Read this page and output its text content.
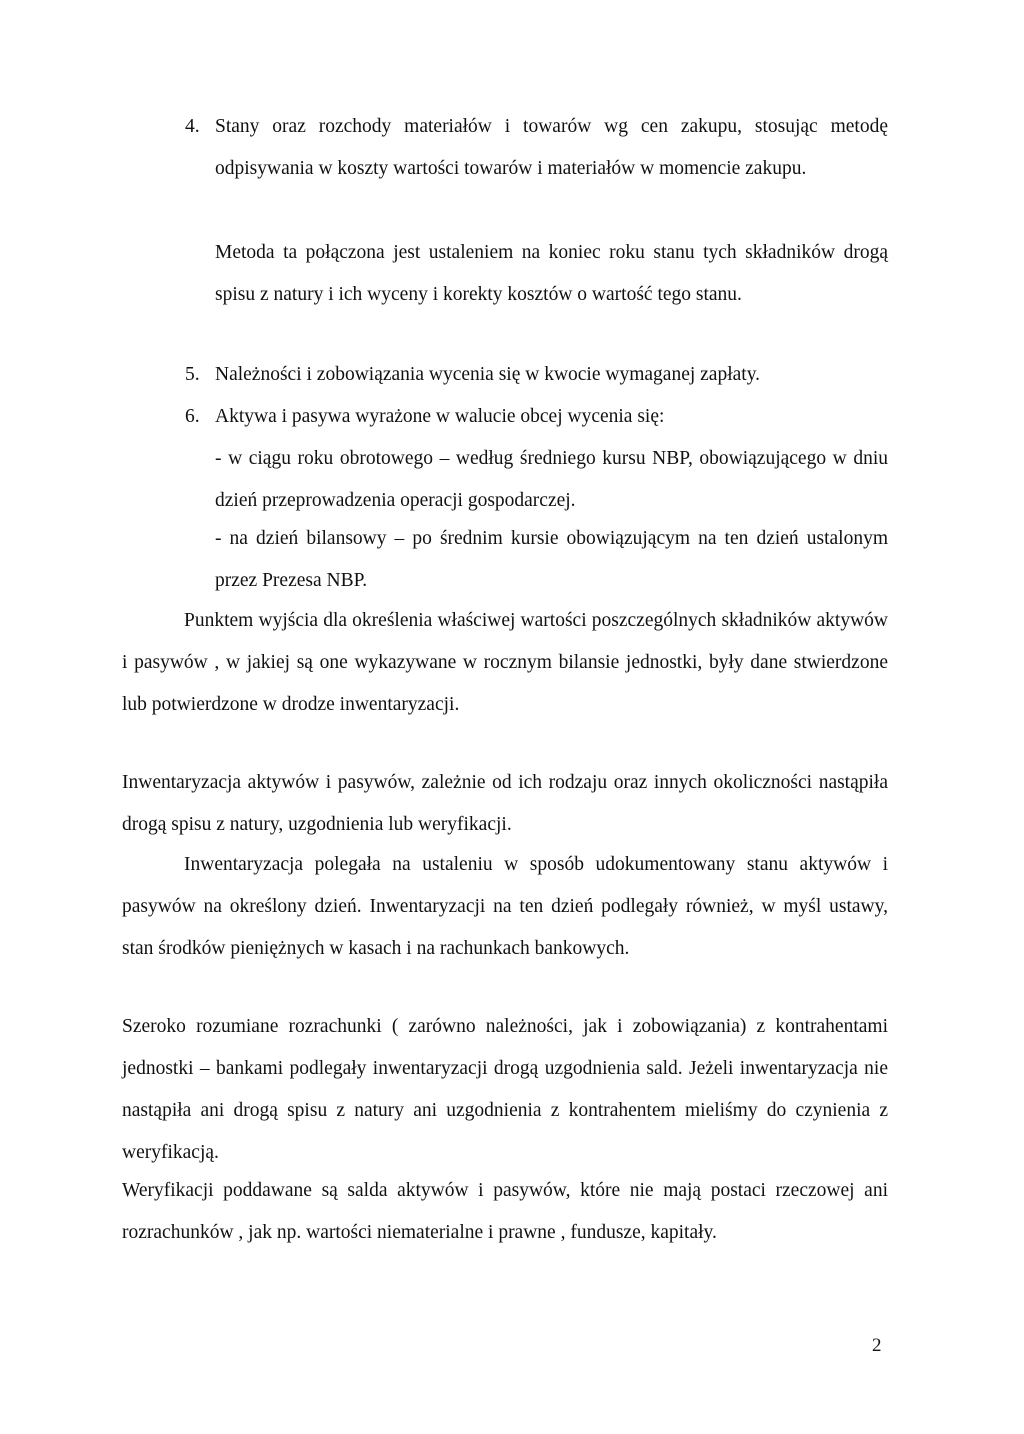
4. Stany oraz rozchody materiałów i towarów wg cen zakupu, stosując metodę odpisywania w koszty wartości towarów i materiałów w momencie zakupu.

Metoda ta połączona jest ustaleniem na koniec roku stanu tych składników drogą spisu z natury i ich wyceny i korekty kosztów o wartość tego stanu.

5. Należności i zobowiązania wycenia się w kwocie wymaganej zapłaty.

6. Aktywa i pasywa wyrażone w walucie obcej wycenia się:

- w ciągu roku obrotowego – według średniego kursu NBP, obowiązującego w dniu dzień przeprowadzenia operacji gospodarczej.

- na dzień bilansowy – po średnim kursie obowiązującym na ten dzień ustalonym przez Prezesa NBP.

Punktem wyjścia dla określenia właściwej wartości poszczególnych składników aktywów i pasywów , w jakiej są one wykazywane w rocznym bilansie jednostki, były dane stwierdzone lub potwierdzone w drodze inwentaryzacji.

Inwentaryzacja aktywów i pasywów, zależnie od ich rodzaju oraz innych okoliczności nastąpiła drogą spisu z natury, uzgodnienia lub weryfikacji.

Inwentaryzacja polegała na ustaleniu w sposób udokumentowany stanu aktywów i pasywów na określony dzień. Inwentaryzacji na ten dzień podlegały również, w myśl ustawy, stan środków pieniężnych w kasach i na rachunkach bankowych.

Szeroko rozumiane rozrachunki ( zarówno należności, jak i zobowiązania) z kontrahentami jednostki – bankami podlegały inwentaryzacji drogą uzgodnienia sald. Jeżeli inwentaryzacja nie nastąpiła ani drogą spisu z natury ani uzgodnienia z kontrahentem mieliśmy do czynienia z weryfikacją.

Weryfikacji poddawane są salda aktywów i pasywów, które nie mają postaci rzeczowej ani rozrachunków , jak np. wartości niematerialne i prawne , fundusze, kapitały.

2
